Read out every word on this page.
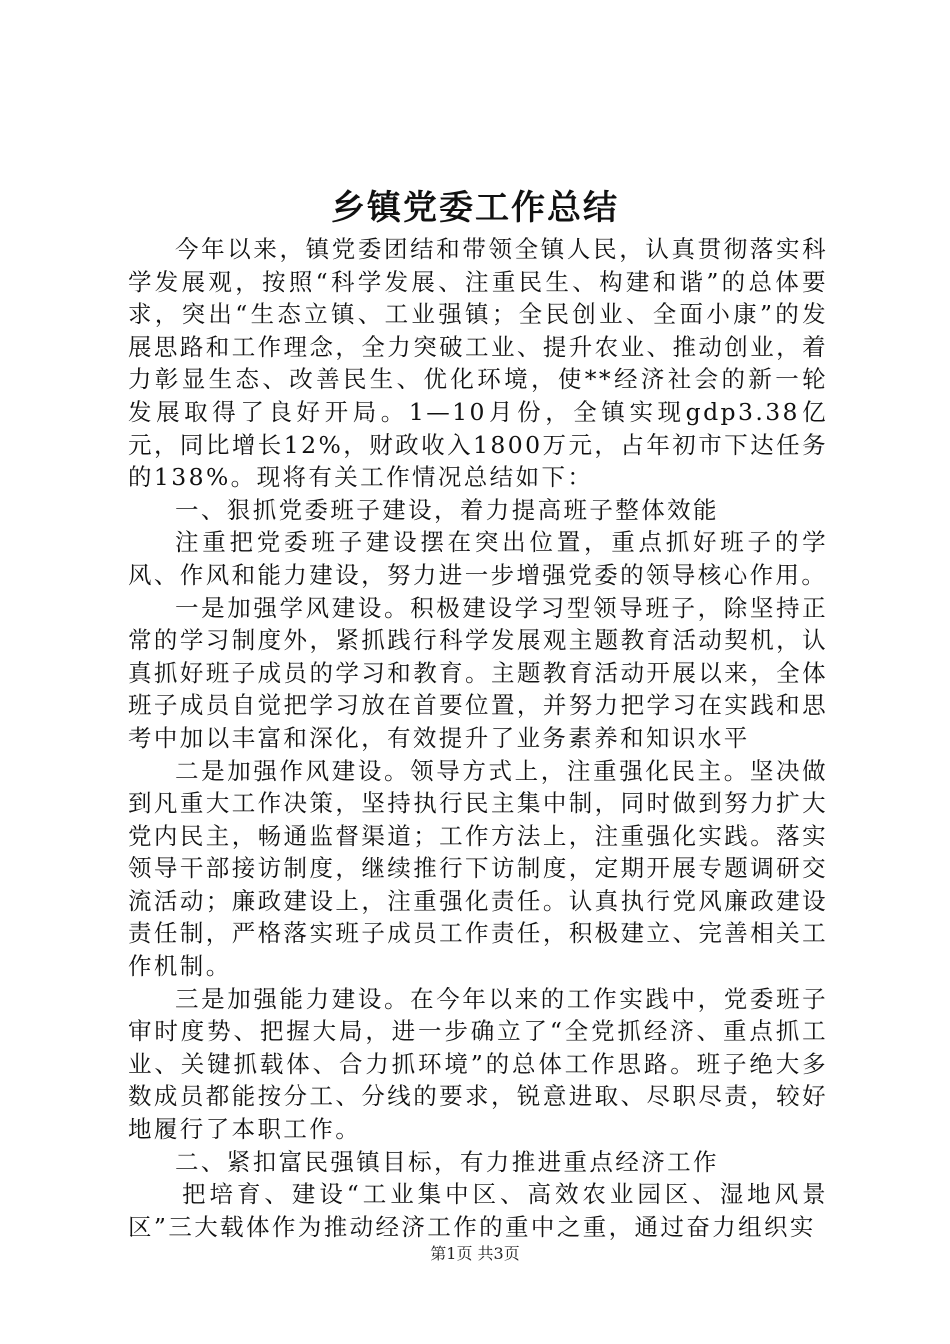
乡镇党委工作总结

今年以来，镇党委团结和带领全镇人民，认真贯彻落实科学发展观，按照“科学发展、注重民生、构建和谐”的总体要求，突出“生态立镇、工业强镇；全民创业、全面小康”的发展思路和工作理念，全力突破工业、提升农业、推动创业，着力彰显生态、改善民生、优化环境，使**经济社会的新一轮发展取得了良好开局。1—10月份，全镇实现gdp3.38亿元，同比增长12%，财政收入1800万元，占年初市下达任务的138%。现将有关工作情况总结如下：

一、狠抓党委班子建设，着力提高班子整体效能

注重把党委班子建设摆在突出位置，重点抓好班子的学风、作风和能力建设，努力进一步增强党委的领导核心作用。

一是加强学风建设。积极建设学习型领导班子，除坚持正常的学习制度外，紧抓践行科学发展观主题教育活动契机，认真抓好班子成员的学习和教育。主题教育活动开展以来，全体班子成员自觉把学习放在首要位置，并努力把学习在实践和思考中加以丰富和深化，有效提升了业务素养和知识水平

二是加强作风建设。领导方式上，注重强化民主。坚决做到凡重大工作决策，坚持执行民主集中制，同时做到努力扩大党内民主，畅通监督渠道；工作方法上，注重强化实践。落实领导干部接访制度，继续推行下访制度，定期开展专题调研交流活动；廉政建设上，注重强化责任。认真执行党风廉政建设责任制，严格落实班子成员工作责任，积极建立、完善相关工作机制。

三是加强能力建设。在今年以来的工作实践中，党委班子审时度势、把握大局，进一步确立了“全党抓经济、重点抓工业、关键抓载体、合力抓环境”的总体工作思路。班子绝大多数成员都能按分工、分线的要求，锐意进取、尽职尽责，较好地履行了本职工作。

二、紧扣富民强镇目标，有力推进重点经济工作

把培育、建设“工业集中区、高效农业园区、湿地风景区”三大载体作为推动经济工作的重中之重，通过奋力组织实

第1页 共3页
